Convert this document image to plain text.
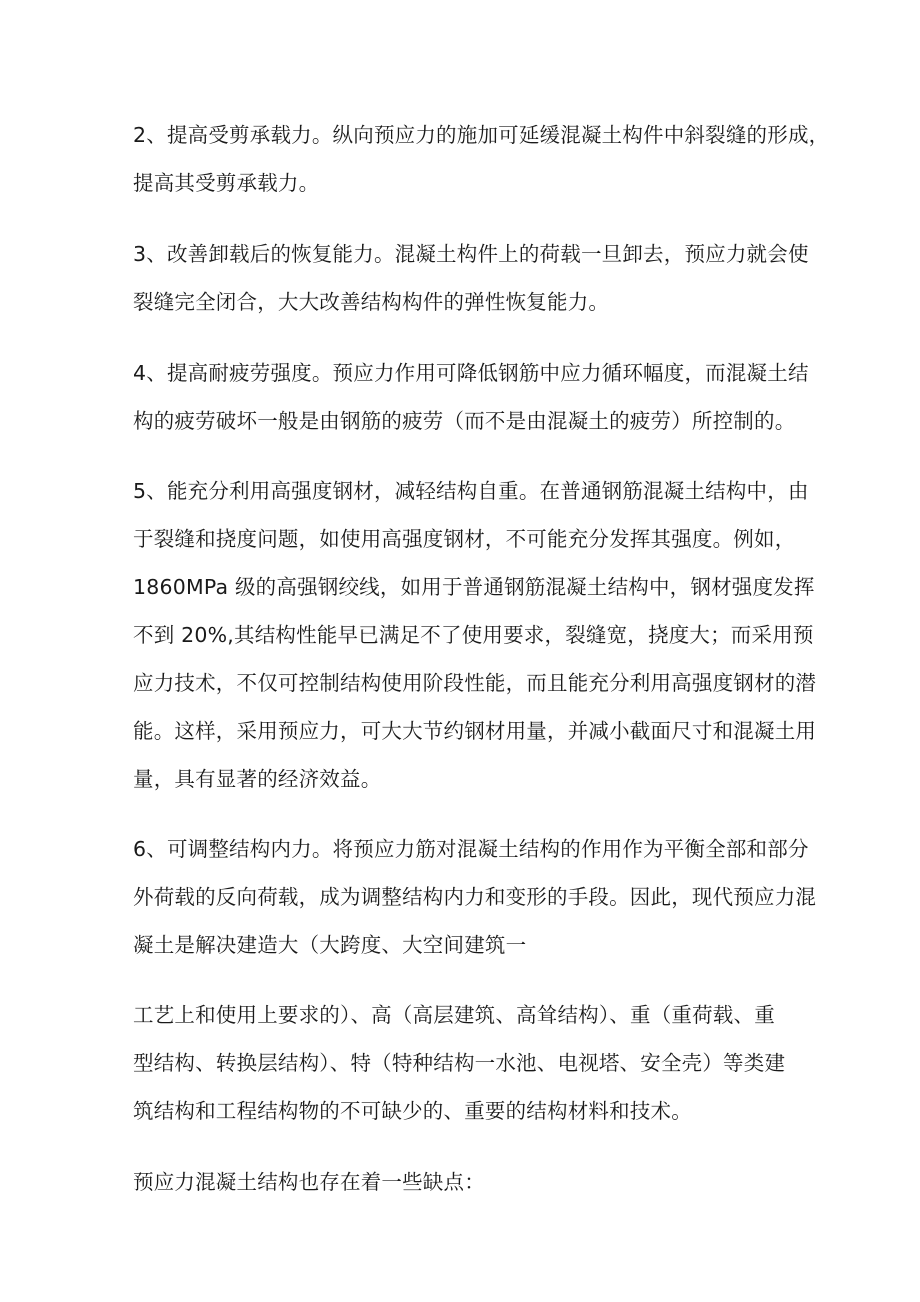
2、提高受剪承载力。纵向预应力的施加可延缓混凝土构件中斜裂缝的形成，
提高其受剪承载力。

3、改善卸载后的恢复能力。混凝土构件上的荷载一旦卸去，预应力就会使
裂缝完全闭合，大大改善结构构件的弹性恢复能力。

4、提高耐疲劳强度。预应力作用可降低钢筋中应力循环幅度，而混凝土结
构的疲劳破坏一般是由钢筋的疲劳（而不是由混凝土的疲劳）所控制的。

5、能充分利用高强度钢材，减轻结构自重。在普通钢筋混凝土结构中，由
于裂缝和挠度问题，如使用高强度钢材，不可能充分发挥其强度。例如，
1860MPa 级的高强钢绞线，如用于普通钢筋混凝土结构中，钢材强度发挥
不到 20%,其结构性能早已满足不了使用要求，裂缝宽，挠度大；而采用预
应力技术，不仅可控制结构使用阶段性能，而且能充分利用高强度钢材的潜
能。这样，采用预应力，可大大节约钢材用量，并减小截面尺寸和混凝土用
量，具有显著的经济效益。

6、可调整结构内力。将预应力筋对混凝土结构的作用作为平衡全部和部分
外荷载的反向荷载，成为调整结构内力和变形的手段。因此，现代预应力混
凝土是解决建造大（大跨度、大空间建筑一

工艺上和使用上要求的）、高（高层建筑、高耸结构）、重（重荷载、重
型结构、转换层结构）、特（特种结构一水池、电视塔、安全壳）等类建
筑结构和工程结构物的不可缺少的、重要的结构材料和技术。

预应力混凝土结构也存在着一些缺点：
